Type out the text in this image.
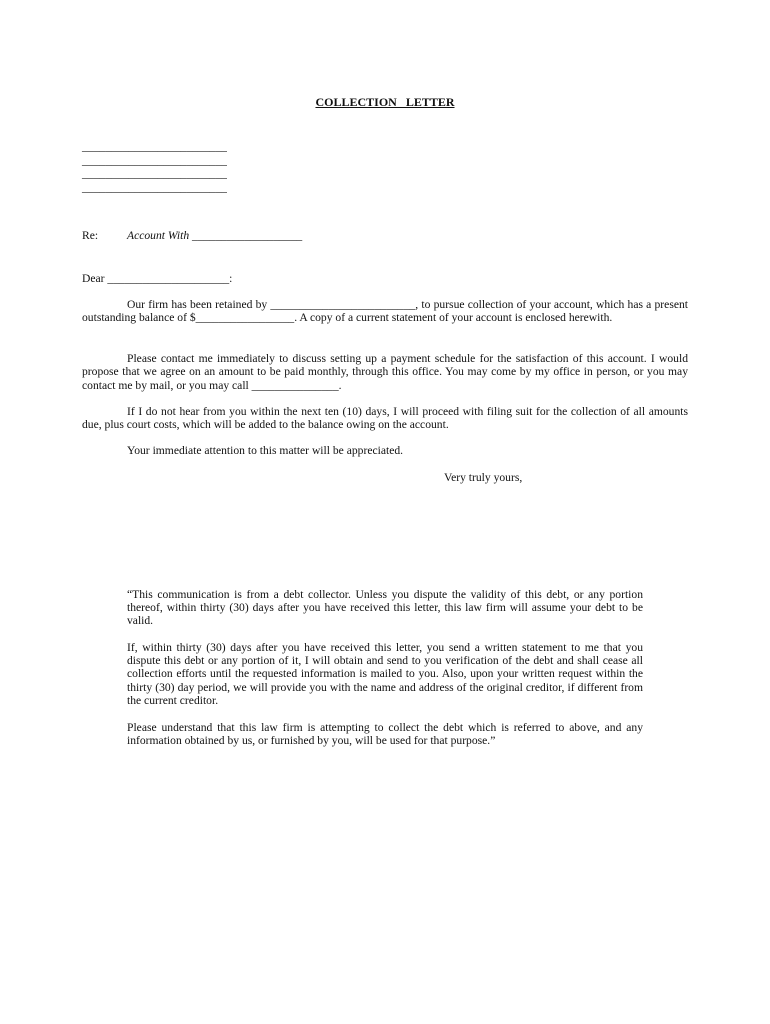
COLLECTION LETTER
_________________________
_________________________
_________________________
_________________________
Re: Account With ___________________
Dear _____________________:
Our firm has been retained by _________________________, to pursue collection of your account, which has a present outstanding balance of $_________________. A copy of a current statement of your account is enclosed herewith.
Please contact me immediately to discuss setting up a payment schedule for the satisfaction of this account. I would propose that we agree on an amount to be paid monthly, through this office. You may come by my office in person, or you may contact me by mail, or you may call _______________.
If I do not hear from you within the next ten (10) days, I will proceed with filing suit for the collection of all amounts due, plus court costs, which will be added to the balance owing on the account.
Your immediate attention to this matter will be appreciated.
Very truly yours,
“This communication is from a debt collector. Unless you dispute the validity of this debt, or any portion thereof, within thirty (30) days after you have received this letter, this law firm will assume your debt to be valid.
If, within thirty (30) days after you have received this letter, you send a written statement to me that you dispute this debt or any portion of it, I will obtain and send to you verification of the debt and shall cease all collection efforts until the requested information is mailed to you. Also, upon your written request within the thirty (30) day period, we will provide you with the name and address of the original creditor, if different from the current creditor.
Please understand that this law firm is attempting to collect the debt which is referred to above, and any information obtained by us, or furnished by you, will be used for that purpose.”
